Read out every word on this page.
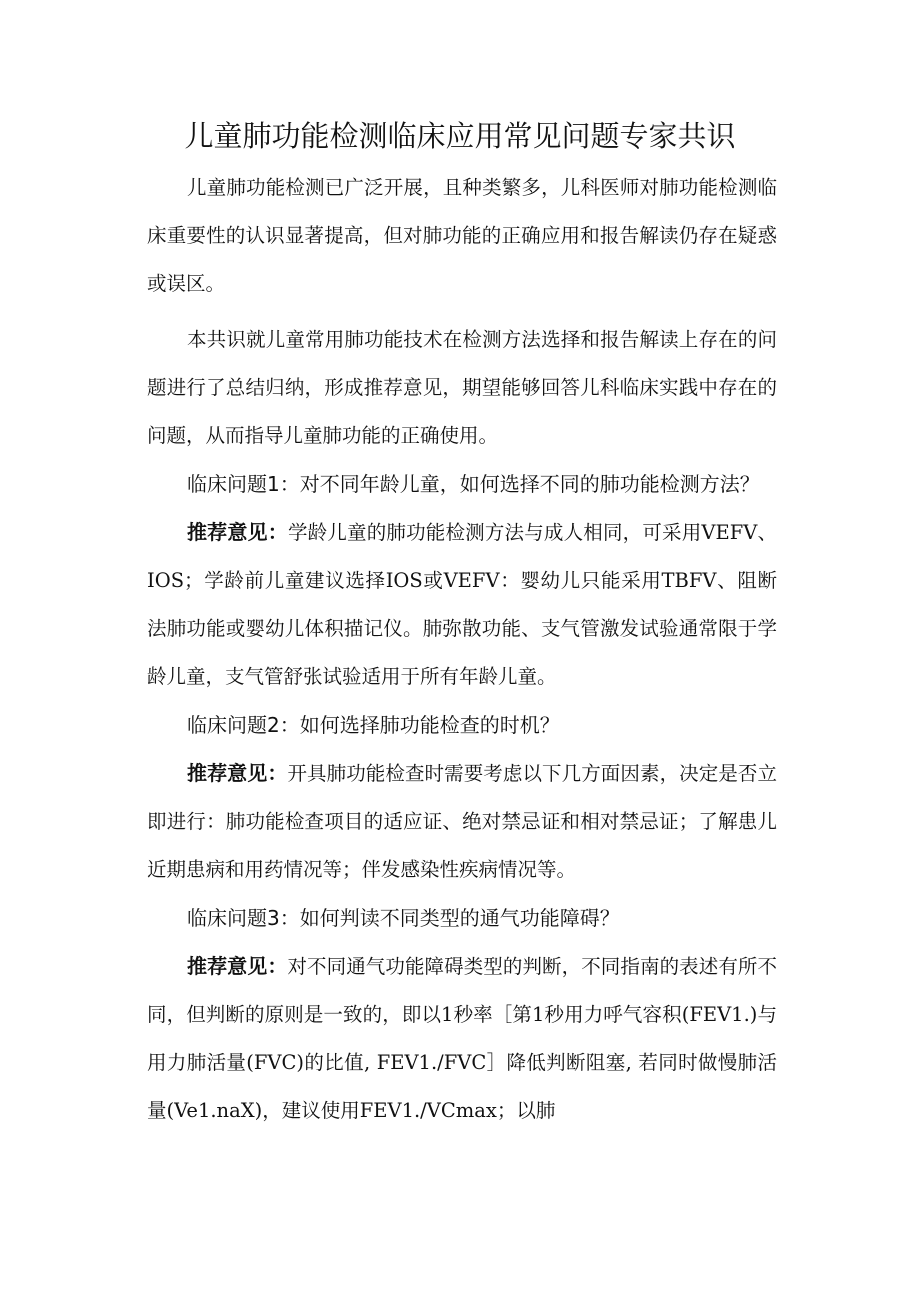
儿童肺功能检测临床应用常见问题专家共识

儿童肺功能检测已广泛开展，且种类繁多，儿科医师对肺功能检测临床重要性的认识显著提高，但对肺功能的正确应用和报告解读仍存在疑惑或误区。

本共识就儿童常用肺功能技术在检测方法选择和报告解读上存在的问题进行了总结归纳，形成推荐意见，期望能够回答儿科临床实践中存在的问题，从而指导儿童肺功能的正确使用。

临床问题1：对不同年龄儿童，如何选择不同的肺功能检测方法？

推荐意见：学龄儿童的肺功能检测方法与成人相同，可采用VEFV、IOS；学龄前儿童建议选择IOS或VEFV：婴幼儿只能采用TBFV、阻断法肺功能或婴幼儿体积描记仪。肺弥散功能、支气管激发试验通常限于学龄儿童，支气管舒张试验适用于所有年龄儿童。

临床问题2：如何选择肺功能检查的时机？

推荐意见：开具肺功能检查时需要考虑以下几方面因素，决定是否立即进行：肺功能检查项目的适应证、绝对禁忌证和相对禁忌证；了解患儿近期患病和用药情况等；伴发感染性疾病情况等。

临床问题3：如何判读不同类型的通气功能障碍？

推荐意见：对不同通气功能障碍类型的判断，不同指南的表述有所不同，但判断的原则是一致的，即以1秒率［第1秒用力呼气容积(FEV1.)与用力肺活量(FVC)的比值, FEV1./FVC］降低判断阻塞, 若同时做慢肺活量(Ve1.naX)，建议使用FEV1./VCmax；以肺
